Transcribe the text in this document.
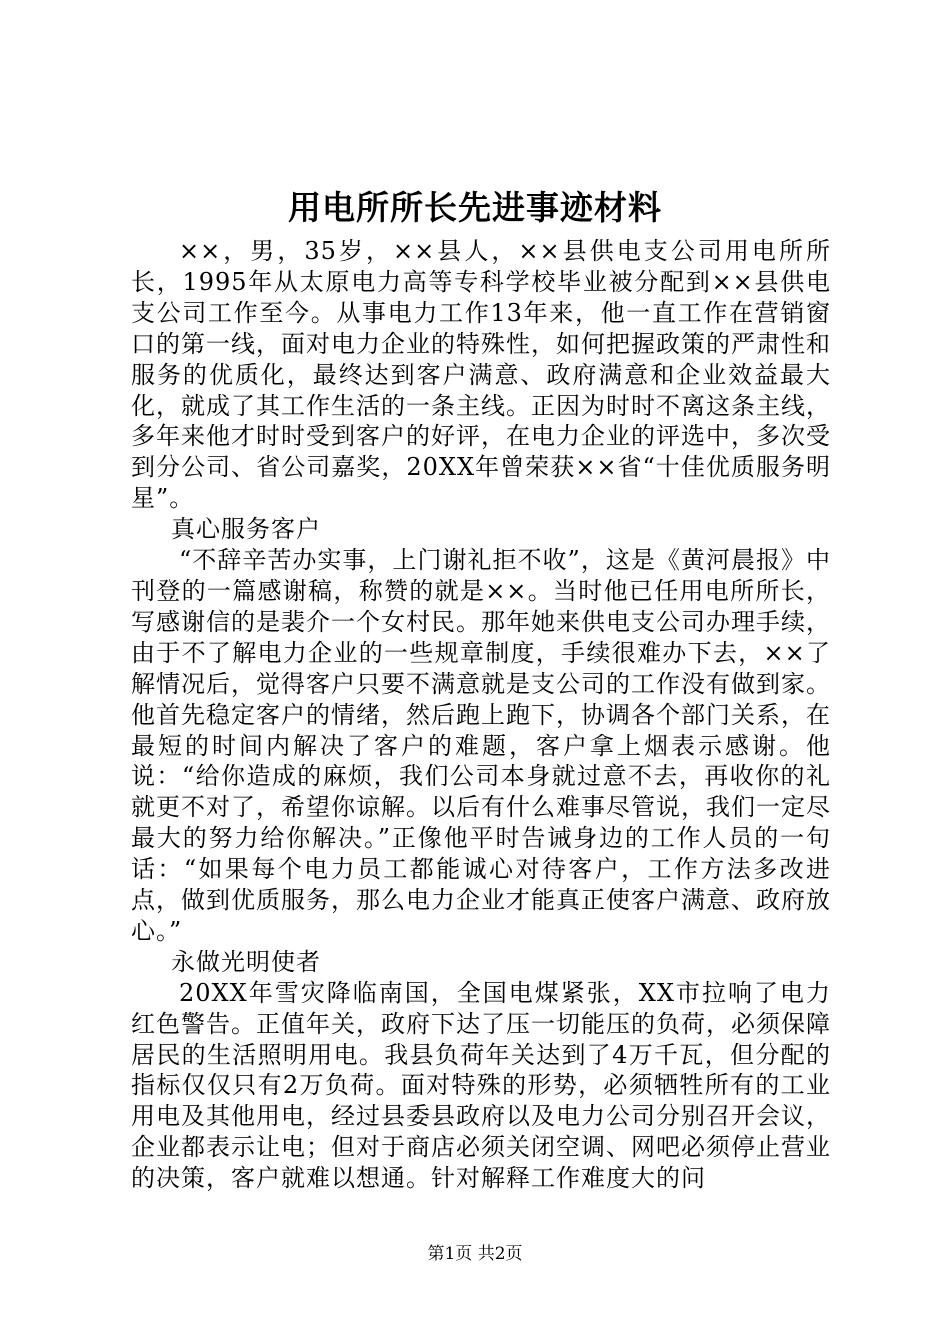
用电所所长先进事迹材料

××，男，35岁，××县人，××县供电支公司用电所所长，1995年从太原电力高等专科学校毕业被分配到××县供电支公司工作至今。从事电力工作13年来，他一直工作在营销窗口的第一线，面对电力企业的特殊性，如何把握政策的严肃性和服务的优质化，最终达到客户满意、政府满意和企业效益最大化，就成了其工作生活的一条主线。正因为时时不离这条主线，多年来他才时时受到客户的好评，在电力企业的评选中，多次受到分公司、省公司嘉奖，20XX年曾荣获××省“十佳优质服务明星”。

真心服务客户

“不辞辛苦办实事，上门谢礼拒不收”，这是《黄河晨报》中刊登的一篇感谢稿，称赞的就是××。当时他已任用电所所长，写感谢信的是裴介一个女村民。那年她来供电支公司办理手续，由于不了解电力企业的一些规章制度，手续很难办下去，××了解情况后，觉得客户只要不满意就是支公司的工作没有做到家。他首先稳定客户的情绪，然后跑上跑下，协调各个部门关系，在最短的时间内解决了客户的难题，客户拿上烟表示感谢。他说：“给你造成的麻烦，我们公司本身就过意不去，再收你的礼就更不对了，希望你谅解。以后有什么难事尽管说，我们一定尽最大的努力给你解决。”正像他平时告诫身边的工作人员的一句话：“如果每个电力员工都能诚心对待客户，工作方法多改进点，做到优质服务，那么电力企业才能真正使客户满意、政府放心。”

永做光明使者

20XX年雪灾降临南国，全国电煤紧张，XX市拉响了电力红色警告。正值年关，政府下达了压一切能压的负荷，必须保障居民的生活照明用电。我县负荷年关达到了4万千瓦，但分配的指标仅仅只有2万负荷。面对特殊的形势，必须牺牲所有的工业用电及其他用电，经过县委县政府以及电力公司分别召开会议，企业都表示让电；但对于商店必须关闭空调、网吧必须停止营业的决策，客户就难以想通。针对解释工作难度大的问

第1页 共2页
